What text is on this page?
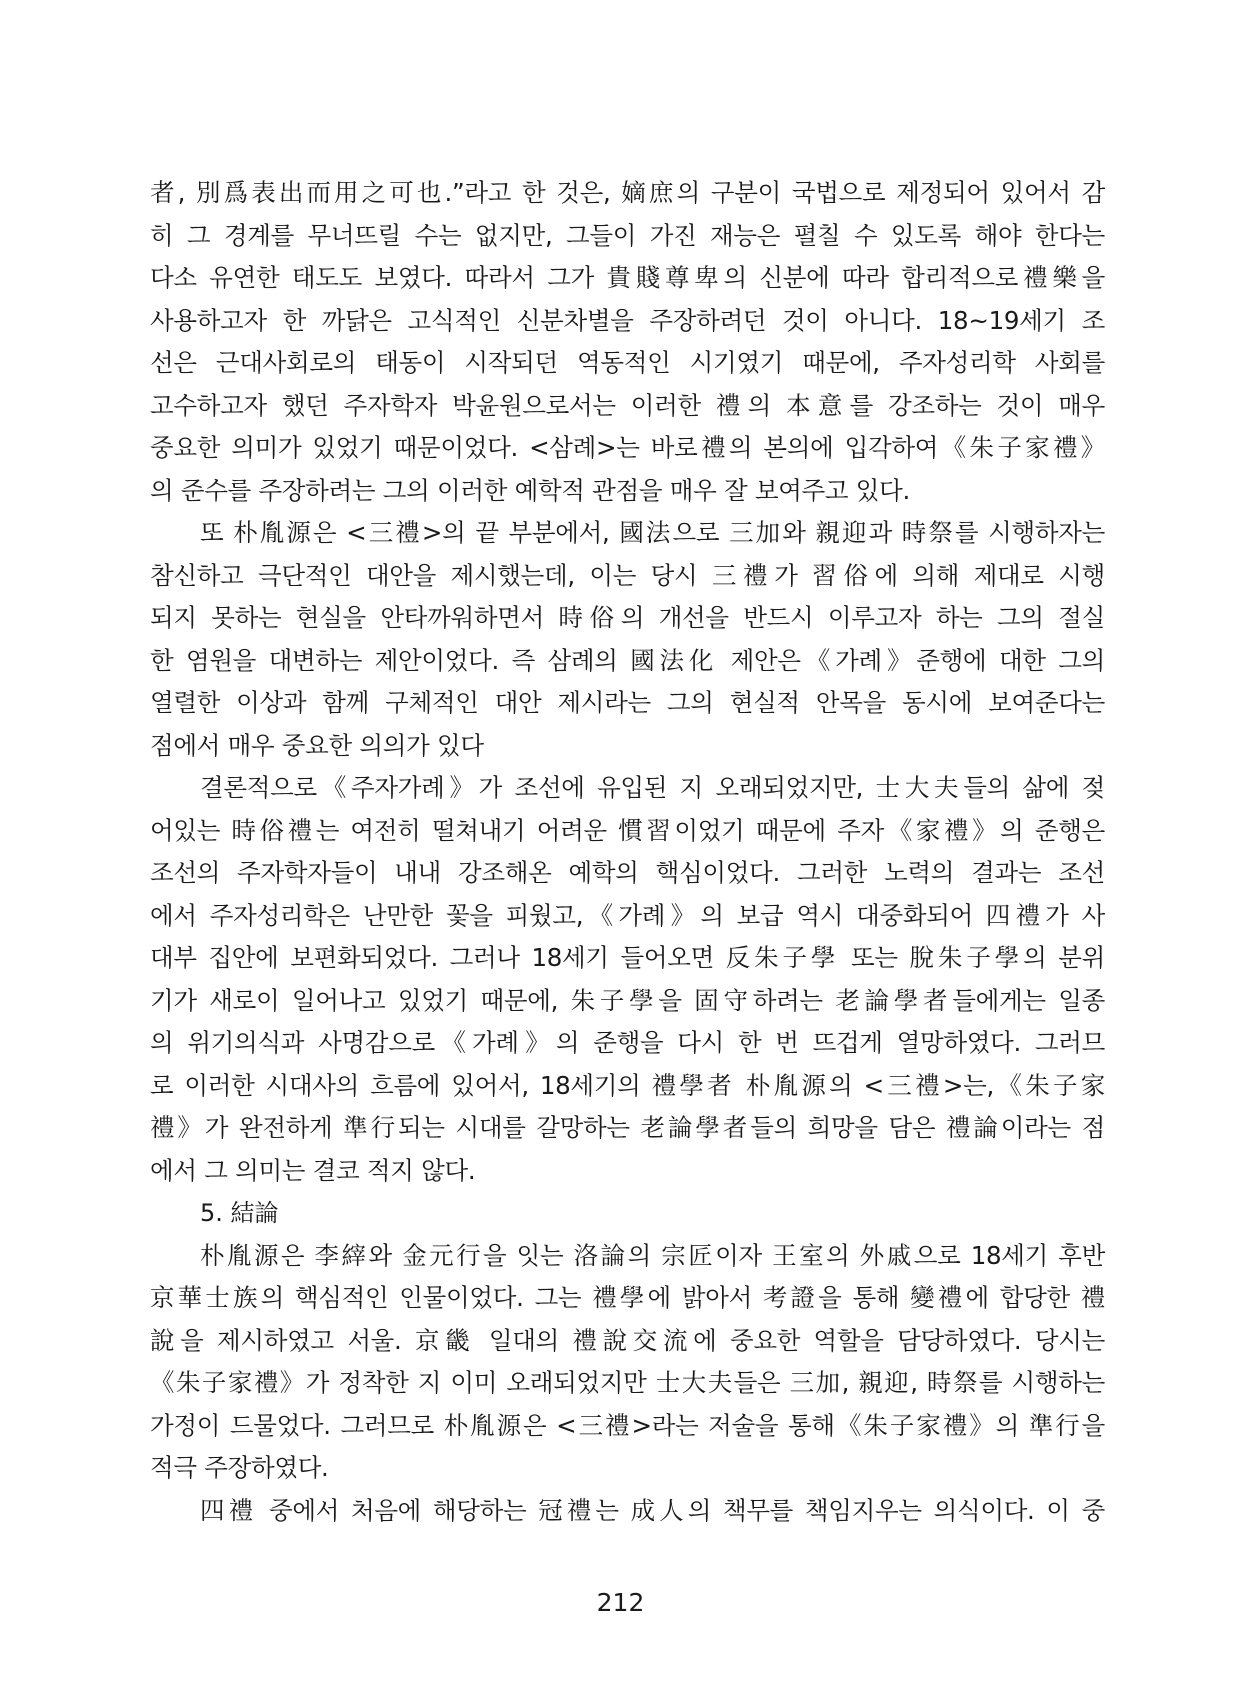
者, 別爲表出而用之可也.”라고 한 것은, 嫡庶의 구분이 국법으로 제정되어 있어서 감
히 그 경계를 무너뜨릴 수는 없지만, 그들이 가진 재능은 펼칠 수 있도록 해야 한다는
다소 유연한 태도도 보였다. 따라서 그가 貴賤尊卑의 신분에 따라 합리적으로禮樂을
사용하고자 한 까닭은 고식적인 신분차별을 주장하려던 것이 아니다. 18~19세기 조
선은 근대사회로의 태동이 시작되던 역동적인 시기였기 때문에, 주자성리학 사회를
고수하고자 했던 주자학자 박윤원으로서는 이러한 禮의 本意를 강조하는 것이 매우
중요한 의미가 있었기 때문이었다. <삼례>는 바로禮의 본의에 입각하여《朱子家禮》
의 준수를 주장하려는 그의 이러한 예학적 관점을 매우 잘 보여주고 있다.

또 朴胤源은 <三禮>의 끝 부분에서, 國法으로 三加와 親迎과 時祭를 시행하자는
참신하고 극단적인 대안을 제시했는데, 이는 당시 三禮가 習俗에 의해 제대로 시행
되지 못하는 현실을 안타까워하면서 時俗의 개선을 반드시 이루고자 하는 그의 절실
한 염원을 대변하는 제안이었다. 즉 삼례의 國法化 제안은《가례》준행에 대한 그의
열렬한 이상과 함께 구체적인 대안 제시라는 그의 현실적 안목을 동시에 보여준다는
점에서 매우 중요한 의의가 있다

결론적으로《주자가례》가 조선에 유입된 지 오래되었지만, 士大夫들의 삶에 젖
어있는 時俗禮는 여전히 떨쳐내기 어려운 慣習이었기 때문에 주자《家禮》의 준행은
조선의 주자학자들이 내내 강조해온 예학의 핵심이었다. 그러한 노력의 결과는 조선
에서 주자성리학은 난만한 꽃을 피웠고,《가례》의 보급 역시 대중화되어 四禮가 사
대부 집안에 보편화되었다. 그러나 18세기 들어오면 反朱子學 또는 脫朱子學의 분위
기가 새로이 일어나고 있었기 때문에, 朱子學을 固守하려는 老論學者들에게는 일종
의 위기의식과 사명감으로《가례》의 준행을 다시 한 번 뜨겁게 열망하였다. 그러므
로 이러한 시대사의 흐름에 있어서, 18세기의 禮學者 朴胤源의 <三禮>는,《朱子家
禮》가 완전하게 準行되는 시대를 갈망하는 老論學者들의 희망을 담은 禮論이라는 점
에서 그 의미는 결코 적지 않다.

5. 結論

朴胤源은 李縡와 金元行을 잇는 洛論의 宗匠이자 王室의 外戚으로 18세기 후반
京華士族의 핵심적인 인물이었다. 그는 禮學에 밝아서 考證을 통해 變禮에 합당한 禮
說을 제시하였고 서울. 京畿 일대의 禮說交流에 중요한 역할을 담당하였다. 당시는
《朱子家禮》가 정착한 지 이미 오래되었지만 士大夫들은 三加, 親迎, 時祭를 시행하는
가정이 드물었다. 그러므로 朴胤源은 <三禮>라는 저술을 통해《朱子家禮》의 準行을
적극 주장하였다.

四禮 중에서 처음에 해당하는 冠禮는 成人의 책무를 책임지우는 의식이다. 이 중

212
